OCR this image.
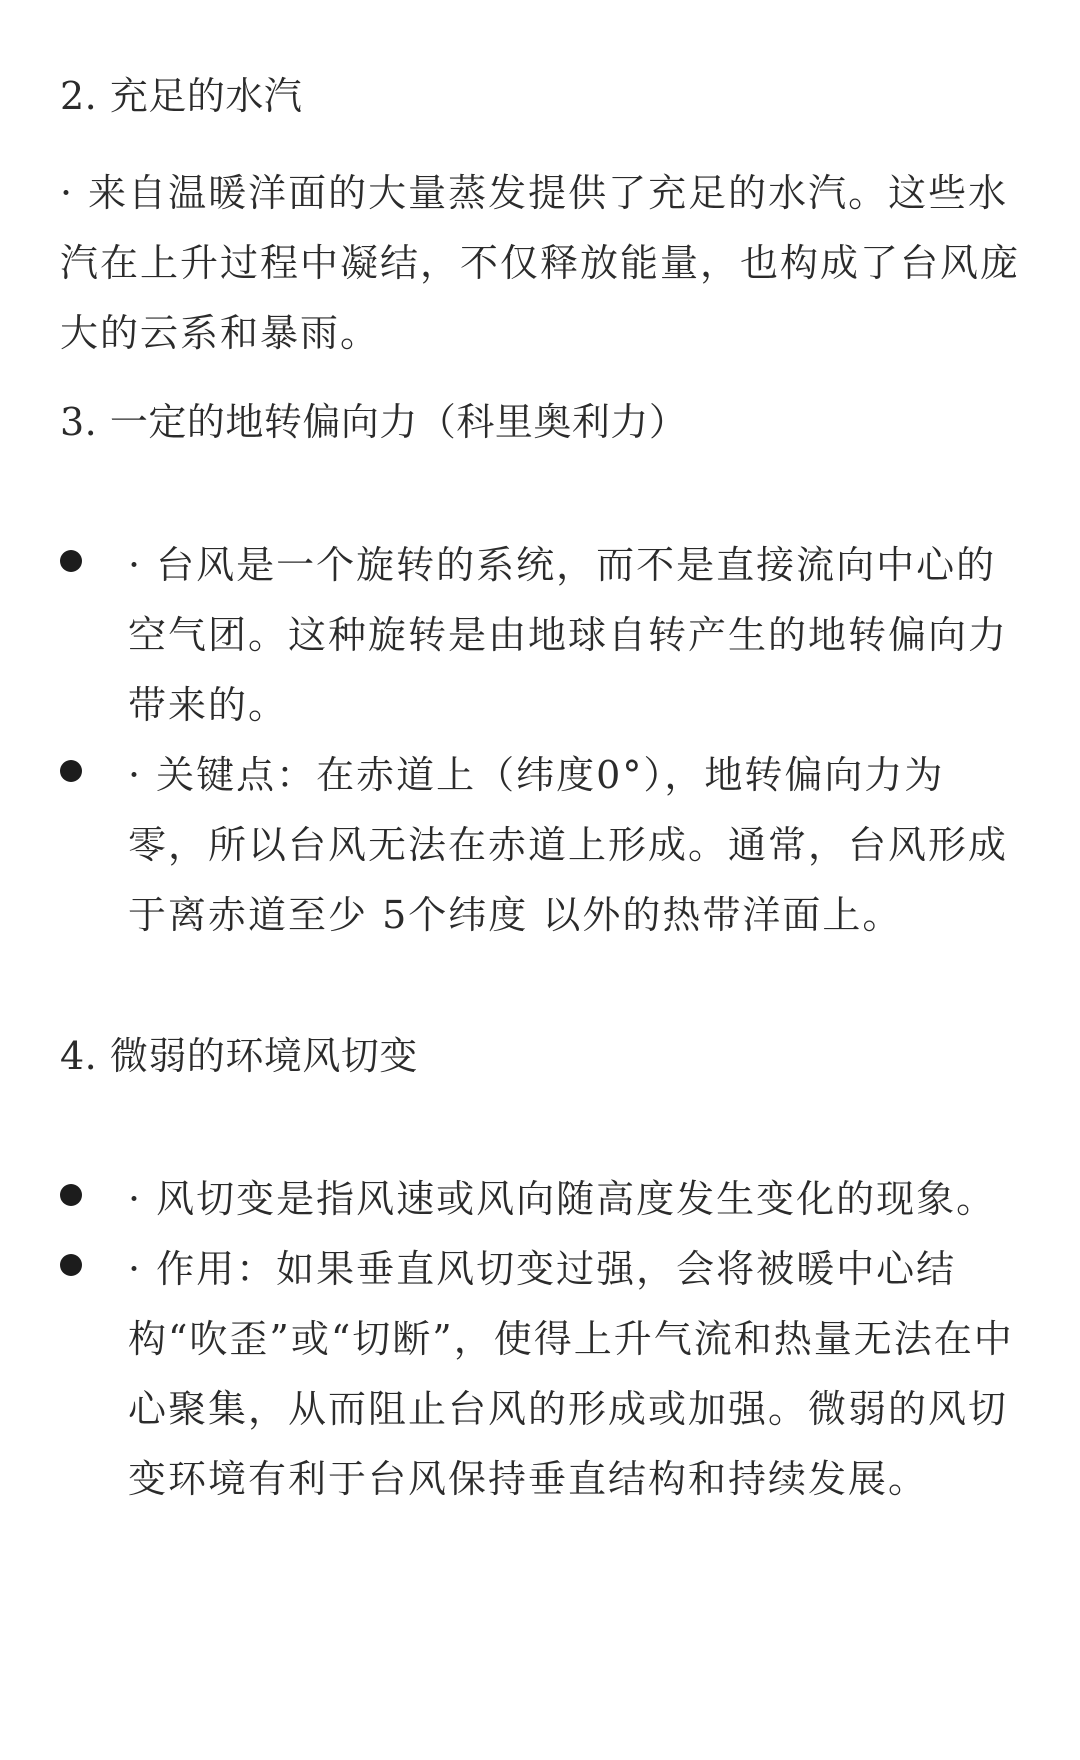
2. 充足的水汽
· 来自温暖洋面的大量蒸发提供了充足的水汽。这些水汽在上升过程中凝结，不仅释放能量，也构成了台风庞大的云系和暴雨。
3. 一定的地转偏向力（科里奥利力）
· 台风是一个旋转的系统，而不是直接流向中心的空气团。这种旋转是由地球自转产生的地转偏向力带来的。
· 关键点：在赤道上（纬度0°），地转偏向力为零，所以台风无法在赤道上形成。通常，台风形成于离赤道至少 5个纬度 以外的热带洋面上。
4. 微弱的环境风切变
· 风切变是指风速或风向随高度发生变化的现象。
· 作用：如果垂直风切变过强，会将被暖中心结构“吹歪”或“切断”，使得上升气流和热量无法在中心聚集，从而阻止台风的形成或加强。微弱的风切变环境有利于台风保持垂直结构和持续发展。
